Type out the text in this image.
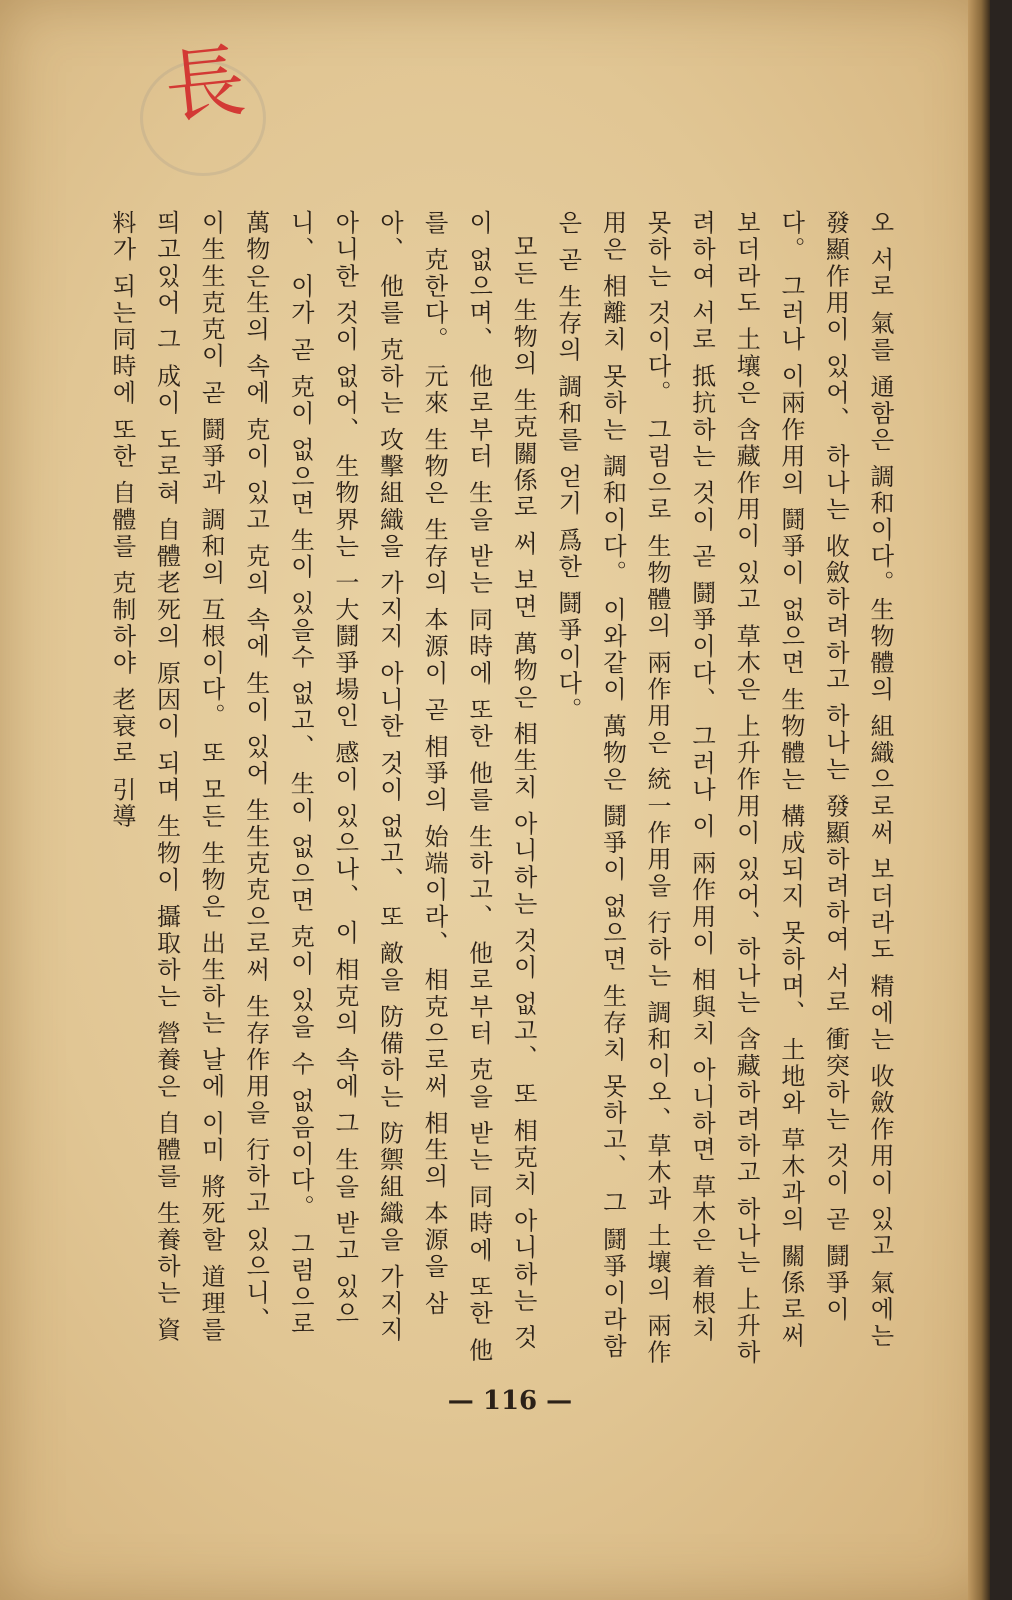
長

오 서로 氣를 通함은 調和이다。生物體의 組織으로써 보더라도 精에는 收斂作用이 있고 氣에는 發顯作用이 있어、 하나는 收斂하려하고 하나는 發顯하려하여 서로 衝突하는 것이 곧 鬪爭이다。 그러나 이兩作用의 鬪爭이 없으면 生物體는 構成되지 못하며、 土地와 草木과의 關係로써 보더라도 土壤은 含藏作用이 있고 草木은 上升作用이 있어、하나는 含藏하려하고 하나는 上升하려하여 서로 抵抗하는 것이 곧 鬪爭이다、 그러나 이 兩作用이 相與치 아니하면 草木은 着根치 못하는 것이다。 그럼으로 生物體의 兩作用은 統一作用을 行하는 調和이오、草木과 土壤의 兩作用은 相離치 못하는 調和이다。 이와같이 萬物은 鬪爭이 없으면 生存치 못하고、 그 鬪爭이라함은 곧 生存의 調和를 얻기 爲한 鬪爭이다。

모든 生物의 生克關係로 써 보면 萬物은 相生치 아니하는 것이 없고、 또 相克치 아니하는 것이 없으며、 他로부터 生을 받는 同時에 또한 他를 生하고、 他로부터 克을 받는 同時에 또한 他를 克한다。 元來 生物은 生存의 本源이 곧 相爭의 始端이라、 相克으로써 相生의 本源을 삼아、 他를 克하는 攻擊組織을 가지지 아니한 것이 없고、 또 敵을 防備하는 防禦組織을 가지지 아니한 것이 없어、 生物界는 一大鬪爭場인 感이 있으나、 이 相克의 속에 그 生을 받고 있으니、 이가 곧 克이 없으면 生이 있을수 없고、 生이 없으면 克이 있을 수 없음이다。 그럼으로 萬物은生의 속에 克이 있고 克의 속에 生이 있어 生生克克으로써 生存作用을 行하고 있으니、 이生生克克이 곧 鬪爭과 調和의 互根이다。 또 모든 生物은 出生하는 날에 이미 將死할 道理를 띄고있어 그 成이 도로혀 自體老死의 原因이 되며 生物이 攝取하는 營養은 自體를 生養하는 資料가 되는同時에 또한 自體를 克制하야 老衰로 引導

— 116 —
